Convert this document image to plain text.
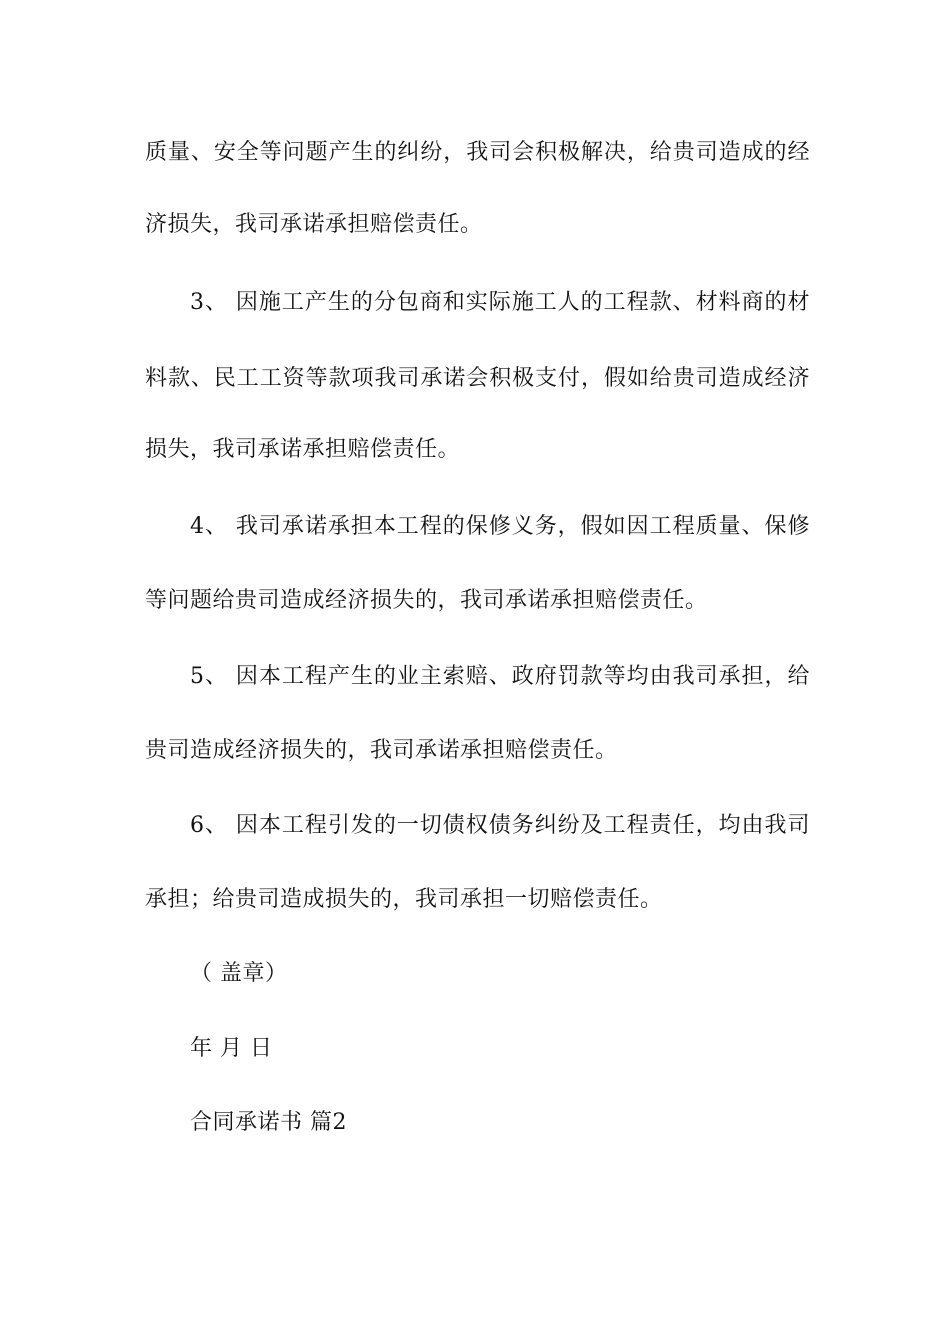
质量、安全等问题产生的纠纷，我司会积极解决，给贵司造成的经
济损失，我司承诺承担赔偿责任。
3、 因施工产生的分包商和实际施工人的工程款、材料商的材
料款、民工工资等款项我司承诺会积极支付，假如给贵司造成经济
损失，我司承诺承担赔偿责任。
4、 我司承诺承担本工程的保修义务，假如因工程质量、保修
等问题给贵司造成经济损失的，我司承诺承担赔偿责任。
5、 因本工程产生的业主索赔、政府罚款等均由我司承担，给
贵司造成经济损失的，我司承诺承担赔偿责任。
6、 因本工程引发的一切债权债务纠纷及工程责任，均由我司
承担；给贵司造成损失的，我司承担一切赔偿责任。
（ 盖章）
年 月 日
合同承诺书 篇2
